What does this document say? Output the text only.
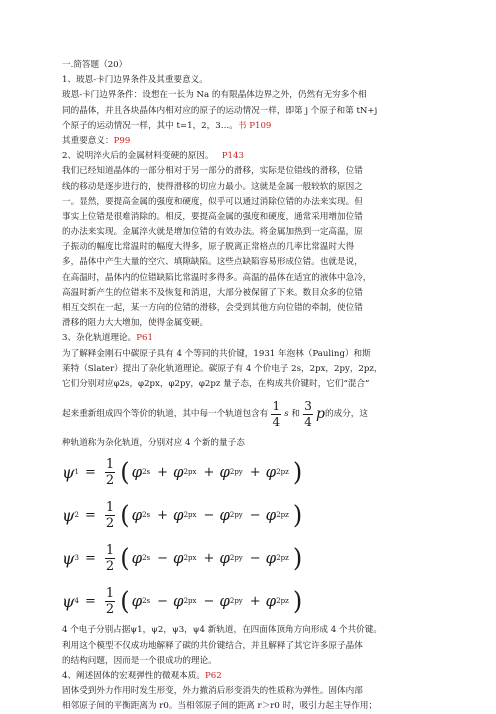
一.简答题（20）
1、玻恩-卡门边界条件及其重要意义。
玻恩-卡门边界条件：设想在一长为 Na 的有限晶体边界之外，仍然有无穷多个相
同的晶体，并且各块晶体内相对应的原子的运动情况一样，即第 j 个原子和第 tN+j
个原子的运动情况一样，其中 t=1，2，3…。书 P109
其重要意义：P99
2、说明淬火后的金属材料变硬的原因。 P143
我们已经知道晶体的一部分相对于另一部分的滑移，实际是位错线的滑移，位错
线的移动是逐步进行的，使得滑移的切应力最小。这就是金属一般较软的原因之
一。显然，要提高金属的强度和硬度，似乎可以通过消除位错的办法来实现。但
事实上位错是很难消除的。相反，要提高金属的强度和硬度，通常采用增加位错
的办法来实现。金属淬火就是增加位错的有效办法。将金属加热到一定高温，原
子振动的幅度比常温时的幅度大得多，原子脱离正常格点的几率比常温时大得
多，晶体中产生大量的空穴、填隙缺陷。这些点缺陷容易形成位错。也就是说，
在高温时，晶体内的位错缺陷比常温时多得多。高温的晶体在适宜的液体中急冷，
高温时新产生的位错来不及恢复和消退，大部分被保留了下来。数目众多的位错
相互交织在一起，某一方向的位错的滑移，会受到其他方向位错的牵制，使位错
滑移的阻力大大增加，使得金属变硬。
3、杂化轨道理论。P61
为了解释金刚石中碳原子具有 4 个等同的共价键，1931 年泡林（Pauling）和斯
莱特（Slater）提出了杂化轨道理论。碳原子有 4 个价电子 2s，2px，2py，2pz，
它们分别对应φ2s，φ2px，φ2py，φ2pz 量子态，在构成共价键时，它们“混合”
起来重新组成四个等价的轨道，其中每一个轨道包含有 $\frac{1}{4}$ s
和 $\frac{3}{4}$ p 的成分，这
种轨道称为杂化轨道，分别对应 4 个新的量子态
ψ $1 = \frac{1}{2}$ ( φ 2s + φ 2px + φ 2py + φ 2pz )
ψ $2 = \frac{1}{2}$ ( φ 2s + φ 2px − φ 2py − φ 2pz )
ψ $3 = \frac{1}{2}$ ( φ 2s − φ 2px + φ 2py − φ 2pz )
ψ $4 = \frac{1}{2}$ ( φ 2s − φ 2px − φ 2py + φ 2pz )
4 个电子分别占据ψ1，ψ2，ψ3，ψ4 新轨道，在四面体顶角方向形成 4 个共价键。
利用这个模型不仅成功地解释了碳的共价键结合，并且解释了其它许多原子晶体
的结构问题，因而是一个很成功的理论。
4、阐述固体的宏观弹性的微观本质。P62
固体受到外力作用时发生形变，外力撤消后形变消失的性质称为弹性。固体内部
相邻原子间的平衡距离为 r0。当相邻原子间的距离 r＞r0 时，吸引力起主导作用；
